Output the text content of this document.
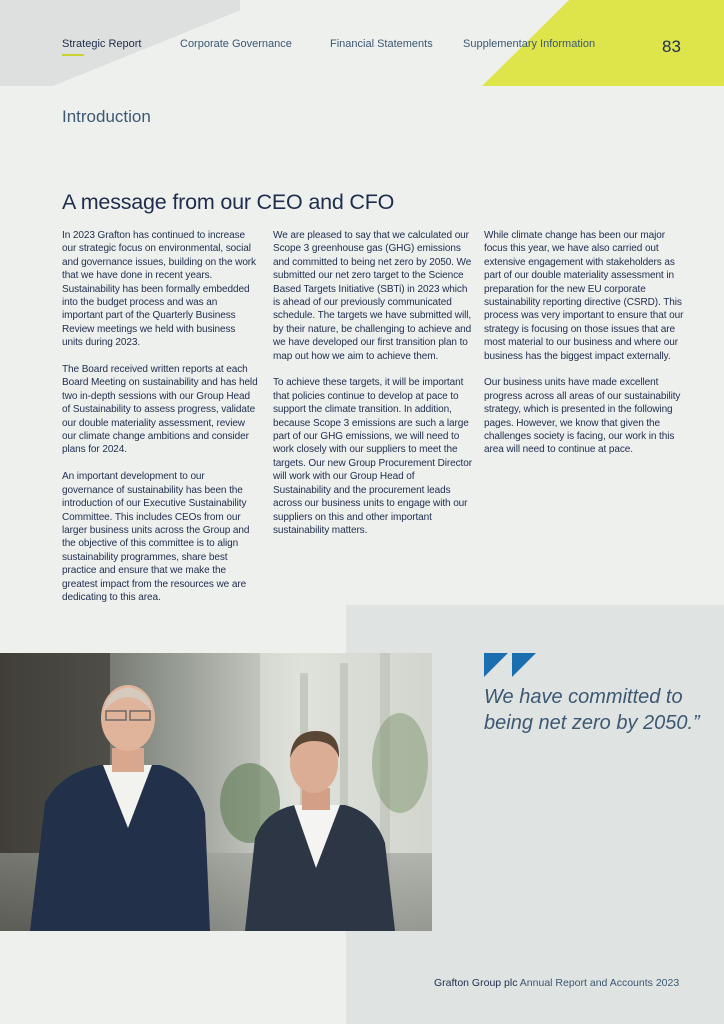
Strategic Report	Corporate Governance	Financial Statements	Supplementary Information	83
Introduction
A message from our CEO and CFO

In 2023 Grafton has continued to increase our strategic focus on environmental, social and governance issues, building on the work that we have done in recent years. Sustainability has been formally embedded into the budget process and was an important part of the Quarterly Business Review meetings we held with business units during 2023.

The Board received written reports at each Board Meeting on sustainability and has held two in-depth sessions with our Group Head of Sustainability to assess progress, validate our double materiality assessment, review our climate change ambitions and consider plans for 2024.

An important development to our governance of sustainability has been the introduction of our Executive Sustainability Committee. This includes CEOs from our larger business units across the Group and the objective of this committee is to align sustainability programmes, share best practice and ensure that we make the greatest impact from the resources we are dedicating to this area.

We are pleased to say that we calculated our Scope 3 greenhouse gas (GHG) emissions and committed to being net zero by 2050. We submitted our net zero target to the Science Based Targets Initiative (SBTi) in 2023 which is ahead of our previously communicated schedule. The targets we have submitted will, by their nature, be challenging to achieve and we have developed our first transition plan to map out how we aim to achieve them.

To achieve these targets, it will be important that policies continue to develop at pace to support the climate transition. In addition, because Scope 3 emissions are such a large part of our GHG emissions, we will need to work closely with our suppliers to meet the targets. Our new Group Procurement Director will work with our Group Head of Sustainability and the procurement leads across our business units to engage with our suppliers on this and other important sustainability matters.

While climate change has been our major focus this year, we have also carried out extensive engagement with stakeholders as part of our double materiality assessment in preparation for the new EU corporate sustainability reporting directive (CSRD). This process was very important to ensure that our strategy is focusing on those issues that are most material to our business and where our business has the biggest impact externally.

Our business units have made excellent progress across all areas of our sustainability strategy, which is presented in the following pages. However, we know that given the challenges society is facing, our work in this area will need to continue at pace.

We have committed to being net zero by 2050.”
Grafton Group plc Annual Report and Accounts 2023
